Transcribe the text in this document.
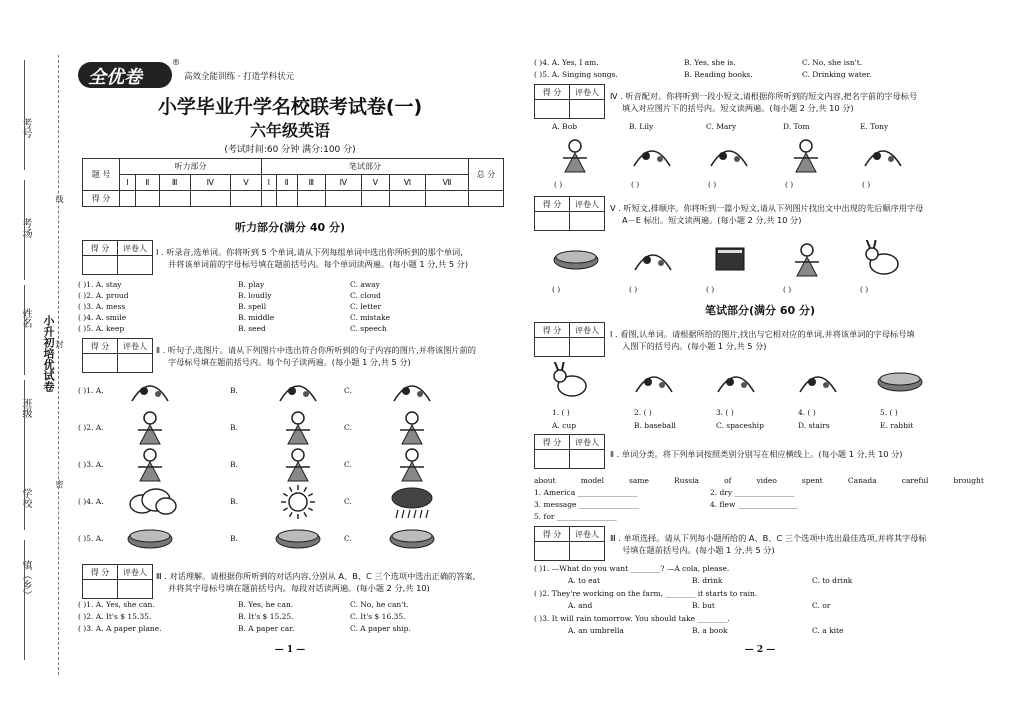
考号
考场
姓名
班级
学校
镇（乡）
小升初培优试卷
线
封
密
全优卷
®
高效全能训练 · 打造学科状元
小学毕业升学名校联考试卷(一)
六年级英语
(考试时间:60 分钟 满分:100 分)
题 号	听力部分					笔试部分							总 分
	Ⅰ	Ⅱ	Ⅲ	Ⅳ	Ⅴ	Ⅰ	Ⅱ	Ⅲ	Ⅳ	Ⅴ	Ⅵ	Ⅶ	
得 分													
听力部分(满分 40 分)
得 分	评卷人
	Ⅰ . 听录音,选单词。你将听到 5 个单词,请从下列每组单词中选出你所听到的那个单词,
并将该单词前的字母标号填在题前括号内。每个单词读两遍。(每小题 1 分,共 5 分)
( )1. A. stay	B. play	C. away
( )2. A. proud	B. loudly	C. cloud
( )3. A. mess	B. spell	C. letter
( )4. A. smile	B. middle	C. mistake
( )5. A. keep	B. seed	C. speech
得 分	评卷人
	Ⅱ . 听句子,选图片。请从下列图片中选出符合你所听到的句子内容的图片,并将该图片前的
字母标号填在题前括号内。每个句子读两遍。(每小题 1 分,共 5 分)
得 分	评卷人
	Ⅲ . 对话理解。请根据你所听到的对话内容,分别从 A、B、C 三个选项中选出正确的答案,
并将其字母标号填在题前括号内。每段对话读两遍。(每小题 2 分,共 10)
( )1. A. Yes, she can.	B. Yes, he can.	C. No, he can't.
( )2. A. It's $ 15.35.	B. It's $ 15.25.	C. It's $ 16.35.
( )3. A. A paper plane.	B. A paper car.	C. A paper ship.
— 1 —
( )1. A.	B.	C.
( )2. A.	B.	C.
( )3. A.	B.	C.
( )4. A.	B.	C.
( )5. A.	B.	C.
( )4. A. Yes, I am.	B. Yes, she is.	C. No, she isn't.
( )5. A. Singing songs.	B. Reading books.	C. Drinking water.
得 分	评卷人
	Ⅳ . 听音配对。你将听到一段小短文,请根据你所听到的短文内容,把名字前的字母标号
填入对应图片下的括号内。短文读两遍。(每小题 2 分,共 10 分)
A. Bob
( )
B. Lily
( )
C. Mary
( )
D. Tom
( )
E. Tony
( )
得 分	评卷人
	Ⅴ . 听短文,排顺序。你将听到一篇小短文,请从下列图片找出文中出现的先后顺序用字母
A－E 标出。短文读两遍。(每小题 2 分,共 10 分)
( )	( )	( )	( )	( )
笔试部分(满分 60 分)
得 分	评卷人
	Ⅰ . 看图,认单词。请根据所给的图片,找出与它相对应的单词,并将该单词的字母标号填
入图下的括号内。(每小题 1 分,共 5 分)
1. ( )
A. cup
2. ( )
B. baseball
3. ( )
C. spaceship
4. ( )
D. stairs
5. ( )
E. rabbit
得 分	评卷人

Ⅱ . 单词分类。将下列单词按照类别分别写在相应横线上。(每小题 1 分,共 10 分)
about	model	same	Russia	of	video	spent	Canada	careful	brought
1. America ________________	2. dry ________________
3. message ________________	4. flew ________________
5. for ________________
得 分	评卷人
	Ⅲ . 单项选择。请从下列每小题所给的 A、B、C 三个选项中选出最佳选项,并将其字母标
号填在题前括号内。(每小题 1 分,共 5 分)
( )1. —What do you want ________? —A cola, please.
A. to eat	B. drink	C. to drink
( )2. They're working on the farm, ________ it starts to rain.
A. and	B. but	C. or
( )3. It will rain tomorrow. You should take ________.
A. an umbrella	B. a book	C. a kite
— 2 —
